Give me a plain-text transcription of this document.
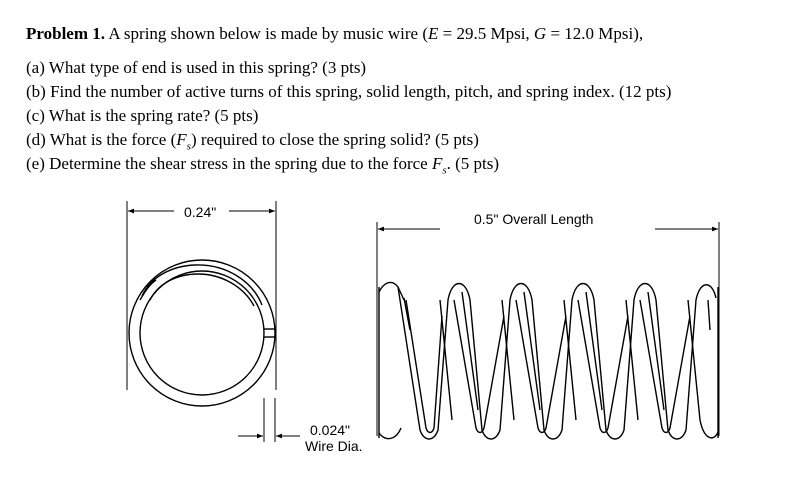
Problem 1. A spring shown below is made by music wire (E = 29.5 Mpsi, G = 12.0 Mpsi),
(a) What type of end is used in this spring? (3 pts)
(b) Find the number of active turns of this spring, solid length, pitch, and spring index. (12 pts)
(c) What is the spring rate? (5 pts)
(d) What is the force $(F_s)$ required to close the spring solid? (5 pts)
(e) Determine the shear stress in the spring due to the force $F_s$. (5 pts)
0.24"	0.5" Overall Length
0.024"
Wire Dia.
